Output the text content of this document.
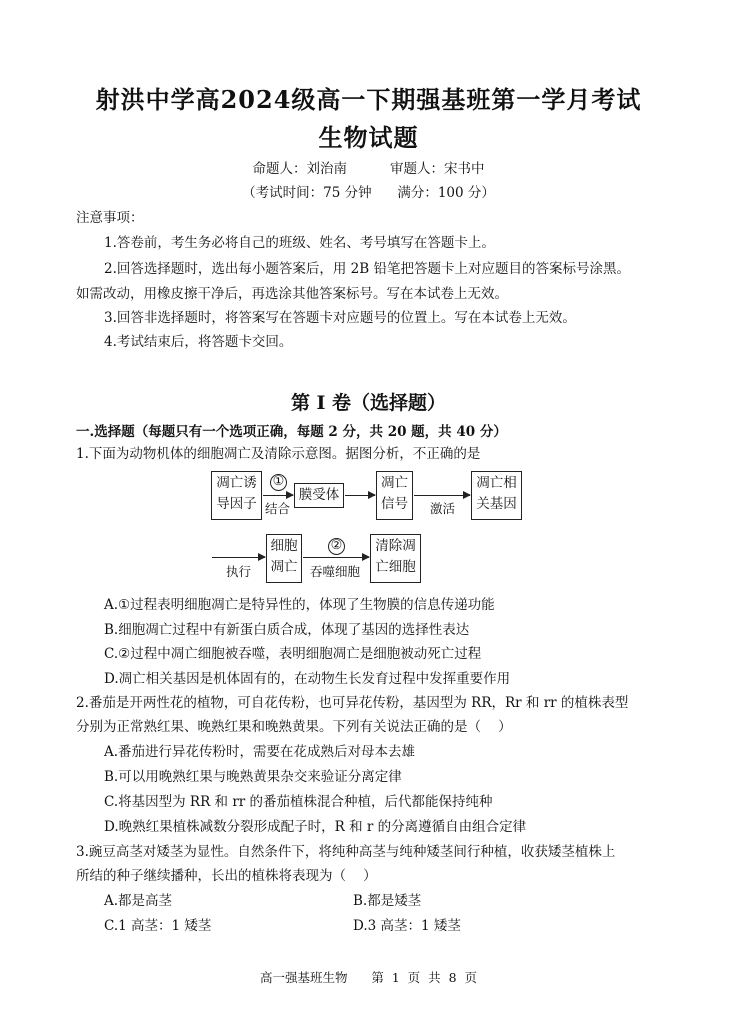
射洪中学高2024级高一下期强基班第一学月考试
生物试题
命题人：刘治南          审题人：宋书中
（考试时间：75 分钟      满分：100 分）
注意事项：
1.答卷前，考生务必将自己的班级、姓名、考号填写在答题卡上。
2.回答选择题时，选出每小题答案后，用 2B 铅笔把答题卡上对应题目的答案标号涂黑。
如需改动，用橡皮擦干净后，再选涂其他答案标号。写在本试卷上无效。
3.回答非选择题时，将答案写在答题卡对应题号的位置上。写在本试卷上无效。
4.考试结束后，将答题卡交回。
第 I 卷（选择题）
一.选择题（每题只有一个选项正确，每题 2 分，共 20 题，共 40 分）
1.下面为动物机体的细胞凋亡及清除示意图。据图分析，不正确的是
凋亡诱
导因子
①
结合
膜受体
凋亡
信号	激活
凋亡相
关基因
执行
细胞
凋亡
②
吞噬细胞
清除凋
亡细胞
A.①过程表明细胞凋亡是特异性的，体现了生物膜的信息传递功能
B.细胞凋亡过程中有新蛋白质合成，体现了基因的选择性表达
C.②过程中凋亡细胞被吞噬，表明细胞凋亡是细胞被动死亡过程
D.凋亡相关基因是机体固有的，在动物生长发育过程中发挥重要作用
2.番茄是开两性花的植物，可自花传粉，也可异花传粉，基因型为 RR，Rr 和 rr 的植株表型
分别为正常熟红果、晚熟红果和晚熟黄果。下列有关说法正确的是（    ）
A.番茄进行异花传粉时，需要在花成熟后对母本去雄
B.可以用晚熟红果与晚熟黄果杂交来验证分离定律
C.将基因型为 RR 和 rr 的番茄植株混合种植，后代都能保持纯种
D.晚熟红果植株减数分裂形成配子时，R 和 r 的分离遵循自由组合定律
3.豌豆高茎对矮茎为显性。自然条件下，将纯种高茎与纯种矮茎间行种植，收获矮茎植株上
所结的种子继续播种，长出的植株将表现为（    ）
A.都是高茎	B.都是矮茎
C.1 高茎：1 矮茎	D.3 高茎：1 矮茎
高一强基班生物      第  1  页  共  8  页
